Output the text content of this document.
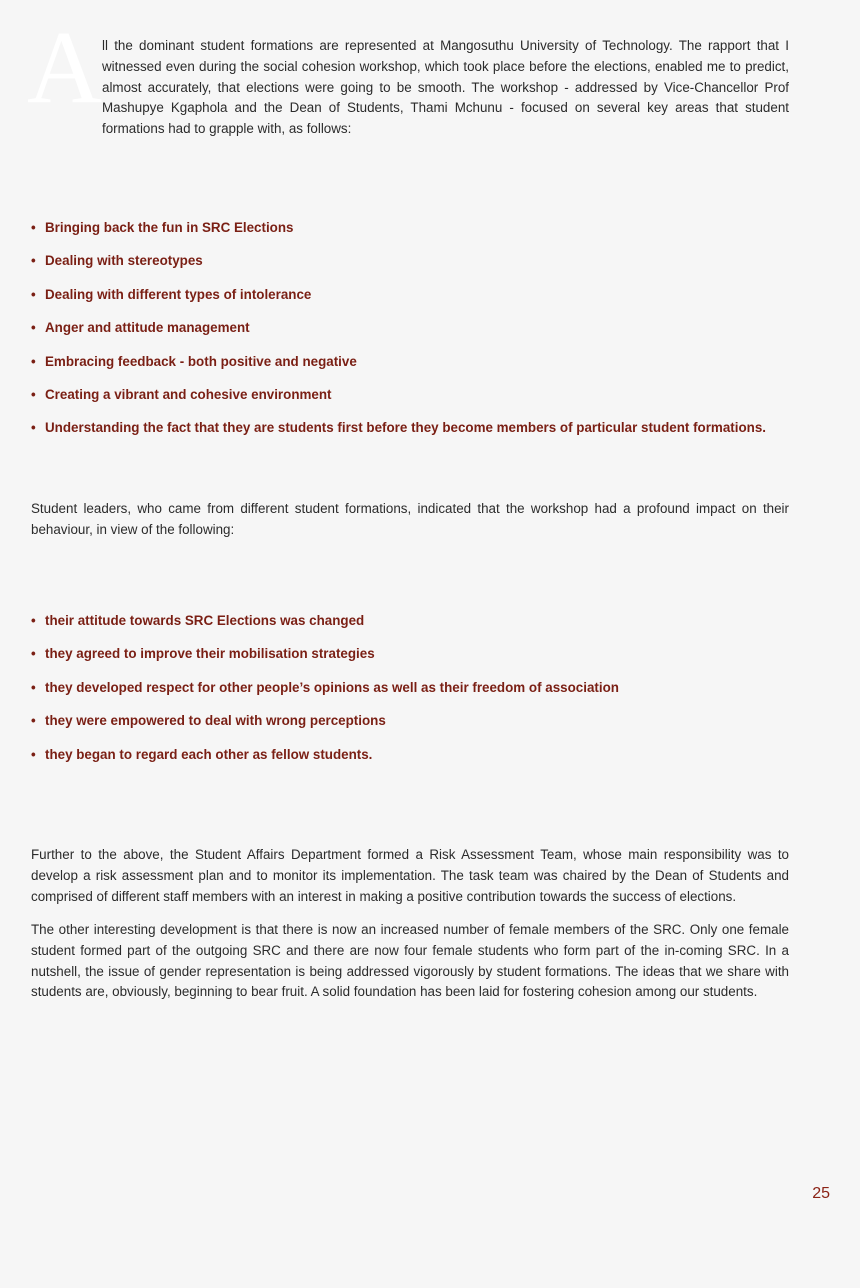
A ll the dominant student formations are represented at Mangosuthu University of Technology. The rapport that I witnessed even during the social cohesion workshop, which took place before the elections, enabled me to predict, almost accurately, that elections were going to be smooth. The workshop - addressed by Vice-Chancellor Prof Mashupye Kgaphola and the Dean of Students, Thami Mchunu - focused on several key areas that student formations had to grapple with, as follows:

• Bringing back the fun in SRC Elections
• Dealing with stereotypes
• Dealing with different types of intolerance
• Anger and attitude management
• Embracing feedback - both positive and negative
• Creating a vibrant and cohesive environment
• Understanding the fact that they are students first before they become members of particular student formations.

Student leaders, who came from different student formations, indicated that the workshop had a profound impact on their behaviour, in view of the following:

• their attitude towards SRC Elections was changed
• they agreed to improve their mobilisation strategies
• they developed respect for other people’s opinions as well as their freedom of association
• they were empowered to deal with wrong perceptions
• they began to regard each other as fellow students.

Further to the above, the Student Affairs Department formed a Risk Assessment Team, whose main responsibility was to develop a risk assessment plan and to monitor its implementation. The task team was chaired by the Dean of Students and comprised of different staff members with an interest in making a positive contribution towards the success of elections.

The other interesting development is that there is now an increased number of female members of the SRC. Only one female student formed part of the outgoing SRC and there are now four female students who form part of the in-coming SRC. In a nutshell, the issue of gender representation is being addressed vigorously by student formations. The ideas that we share with students are, obviously, beginning to bear fruit. A solid foundation has been laid for fostering cohesion among our students.

25
